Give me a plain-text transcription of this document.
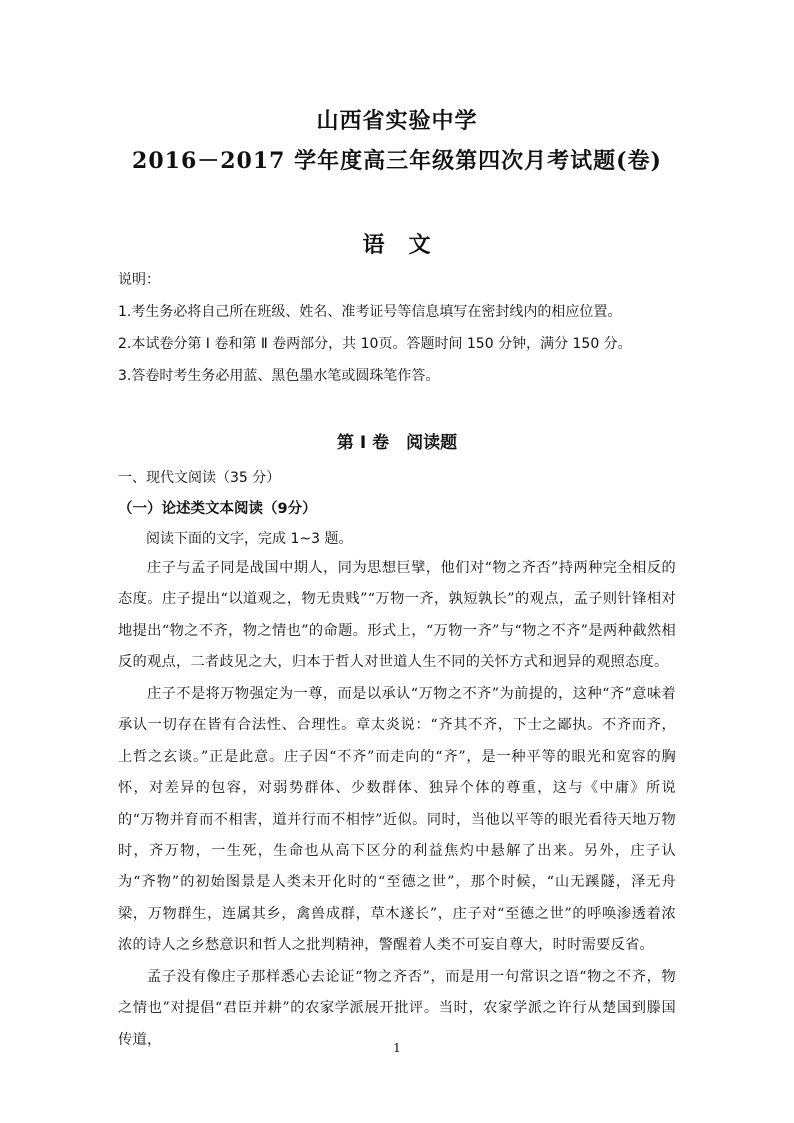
山西省实验中学
2016－2017 学年度高三年级第四次月考试题(卷)
语　文
说明：
1.考生务必将自己所在班级、姓名、准考证号等信息填写在密封线内的相应位置。
2.本试卷分第 Ⅰ 卷和第 Ⅱ 卷两部分，共 10页。答题时间 150 分钟，满分 150 分。
3.答卷时考生务必用蓝、黑色墨水笔或圆珠笔作答。
第 Ⅰ 卷　阅读题
一、现代文阅读（35 分）
（一）论述类文本阅读（9分）
阅读下面的文字，完成 1~3 题。
庄子与孟子同是战国中期人，同为思想巨擘，他们对“物之齐否”持两种完全相反的态度。庄子提出“以道观之，物无贵贱”“万物一齐，孰短孰长”的观点，孟子则针锋相对地提出“物之不齐，物之情也”的命题。形式上，“万物一齐”与“物之不齐”是两种截然相反的观点，二者歧见之大，归本于哲人对世道人生不同的关怀方式和迥异的观照态度。
庄子不是将万物强定为一尊，而是以承认“万物之不齐”为前提的，这种“齐”意味着承认一切存在皆有合法性、合理性。章太炎说：“齐其不齐，下士之鄙执。不齐而齐，上哲之玄谈。”正是此意。庄子因“不齐”而走向的“齐”，是一种平等的眼光和宽容的胸怀，对差异的包容，对弱势群体、少数群体、独异个体的尊重，这与《中庸》所说的“万物并育而不相害，道并行而不相悖”近似。同时，当他以平等的眼光看待天地万物时，齐万物，一生死，生命也从高下区分的利益焦灼中悬解了出来。另外，庄子认为“齐物”的初始图景是人类未开化时的“至德之世”，那个时候，“山无蹊隧，泽无舟梁，万物群生，连属其乡，禽兽成群，草木遂长”，庄子对“至德之世”的呼唤渗透着浓浓的诗人之乡愁意识和哲人之批判精神，警醒着人类不可妄自尊大，时时需要反省。
孟子没有像庄子那样悉心去论证“物之齐否”，而是用一句常识之语“物之不齐，物之情也”对提倡“君臣并耕”的农家学派展开批评。当时，农家学派之许行从楚国到滕国传道，
1
